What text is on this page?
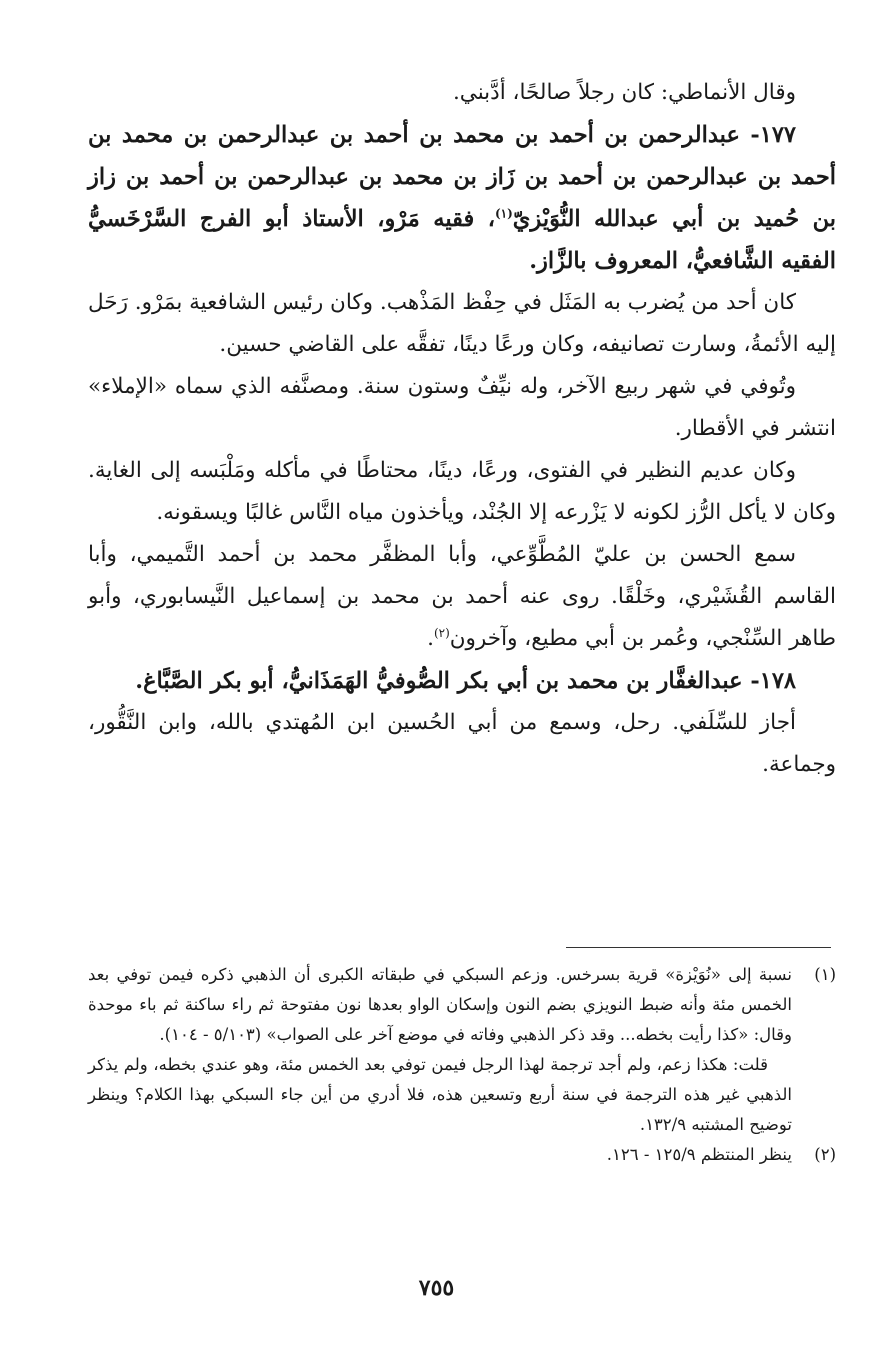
وقال الأنماطي: كان رجلاً صالحًا، أدَّبني.

١٧٧- عبدالرحمن بن أحمد بن محمد بن أحمد بن عبدالرحمن بن محمد بن أحمد بن عبدالرحمن بن أحمد بن زَاز بن محمد بن عبدالرحمن بن أحمد بن زاز بن حُميد بن أبي عبدالله النُّوَيْزيّ$^{(١)}$، فقيه مَرْو، الأستاذ أبو الفرج السَّرْخَسيُّ الفقيه الشَّافعيُّ، المعروف بالزَّاز.

كان أحد من يُضرب به المَثَل في حِفْظ المَذْهب. وكان رئيس الشافعية بمَرْو. رَحَل إليه الأئمةُ، وسارت تصانيفه، وكان ورعًا دينًا، تفقَّه على القاضي حسين.

وتُوفي في شهر ربيع الآخر، وله نيِّفٌ وستون سنة. ومصنَّفه الذي سماه «الإملاء» انتشر في الأقطار.

وكان عديم النظير في الفتوى، ورعًا، دينًا، محتاطًا في مأكله ومَلْبَسه إلى الغاية. وكان لا يأكل الرُّز لكونه لا يَزْرعه إلا الجُنْد، ويأخذون مياه النَّاس غالبًا ويسقونه.

سمع الحسن بن عليّ المُطَّوِّعي، وأبا المظفَّر محمد بن أحمد التَّميمي، وأبا القاسم القُشَيْري، وخَلْقًا. روى عنه أحمد بن محمد بن إسماعيل النَّيسابوري، وأبو طاهر السِّنْجي، وعُمر بن أبي مطيع، وآخرون$^{(٢)}$.

١٧٨- عبدالغفَّار بن محمد بن أبي بكر الصُّوفيُّ الهَمَذَانيُّ، أبو بكر الصَّبَّاغ.

أجاز للسِّلَفي. رحل، وسمع من أبي الحُسين ابن المُهتدي بالله، وابن النَّقُّور، وجماعة.

(١)

نسبة إلى «نُوَيْزة» قرية بسرخس. وزعم السبكي في طبقاته الكبرى أن الذهبي ذكره فيمن توفي بعد الخمس مئة وأنه ضبط النويزي بضم النون وإسكان الواو بعدها نون مفتوحة ثم راء ساكنة ثم باء موحدة وقال: «كذا رأيت بخطه... وقد ذكر الذهبي وفاته في موضع آخر على الصواب» (٥/١٠٣ - ١٠٤).

قلت: هكذا زعم، ولم أجد ترجمة لهذا الرجل فيمن توفي بعد الخمس مئة، وهو عندي بخطه، ولم يذكر الذهبي غير هذه الترجمة في سنة أربع وتسعين هذه، فلا أدري من أين جاء السبكي بهذا الكلام؟ وينظر توضيح المشتبه ١٣٢/٩.

(٢)

ينظر المنتظم ١٢٥/٩ - ١٢٦.

٧٥٥
